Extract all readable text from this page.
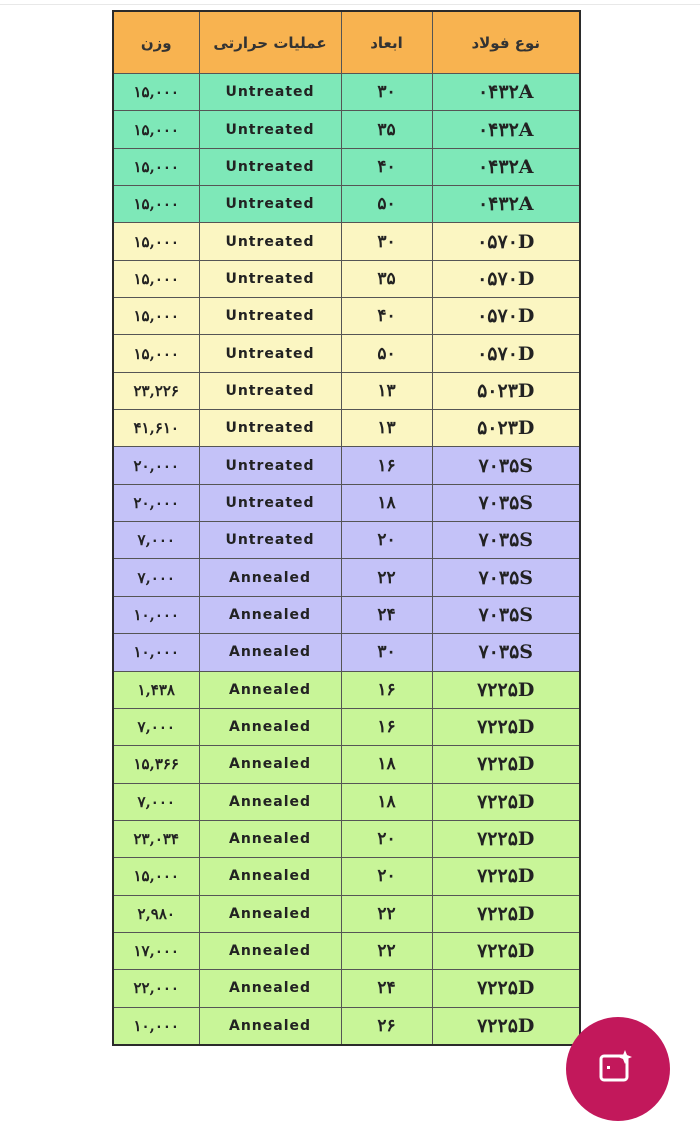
وزن	عملیات حرارتی	ابعاد	نوع فولاد
۱۵,۰۰۰	Untreated	۳۰	۰۴۳۲A
۱۵,۰۰۰	Untreated	۳۵	۰۴۳۲A
۱۵,۰۰۰	Untreated	۴۰	۰۴۳۲A
۱۵,۰۰۰	Untreated	۵۰	۰۴۳۲A
۱۵,۰۰۰	Untreated	۳۰	۰۵۷۰D
۱۵,۰۰۰	Untreated	۳۵	۰۵۷۰D
۱۵,۰۰۰	Untreated	۴۰	۰۵۷۰D
۱۵,۰۰۰	Untreated	۵۰	۰۵۷۰D
۲۳,۲۲۶	Untreated	۱۳	۵۰۲۳D
۴۱,۶۱۰	Untreated	۱۳	۵۰۲۳D
۲۰,۰۰۰	Untreated	۱۶	۷۰۳۵S
۲۰,۰۰۰	Untreated	۱۸	۷۰۳۵S
۷,۰۰۰	Untreated	۲۰	۷۰۳۵S
۷,۰۰۰	Annealed	۲۲	۷۰۳۵S
۱۰,۰۰۰	Annealed	۲۴	۷۰۳۵S
۱۰,۰۰۰	Annealed	۳۰	۷۰۳۵S
۱,۴۳۸	Annealed	۱۶	۷۲۲۵D
۷,۰۰۰	Annealed	۱۶	۷۲۲۵D
۱۵,۳۶۶	Annealed	۱۸	۷۲۲۵D
۷,۰۰۰	Annealed	۱۸	۷۲۲۵D
۲۳,۰۳۴	Annealed	۲۰	۷۲۲۵D
۱۵,۰۰۰	Annealed	۲۰	۷۲۲۵D
۲,۹۸۰	Annealed	۲۲	۷۲۲۵D
۱۷,۰۰۰	Annealed	۲۲	۷۲۲۵D
۲۲,۰۰۰	Annealed	۲۴	۷۲۲۵D
۱۰,۰۰۰	Annealed	۲۶	۷۲۲۵D
